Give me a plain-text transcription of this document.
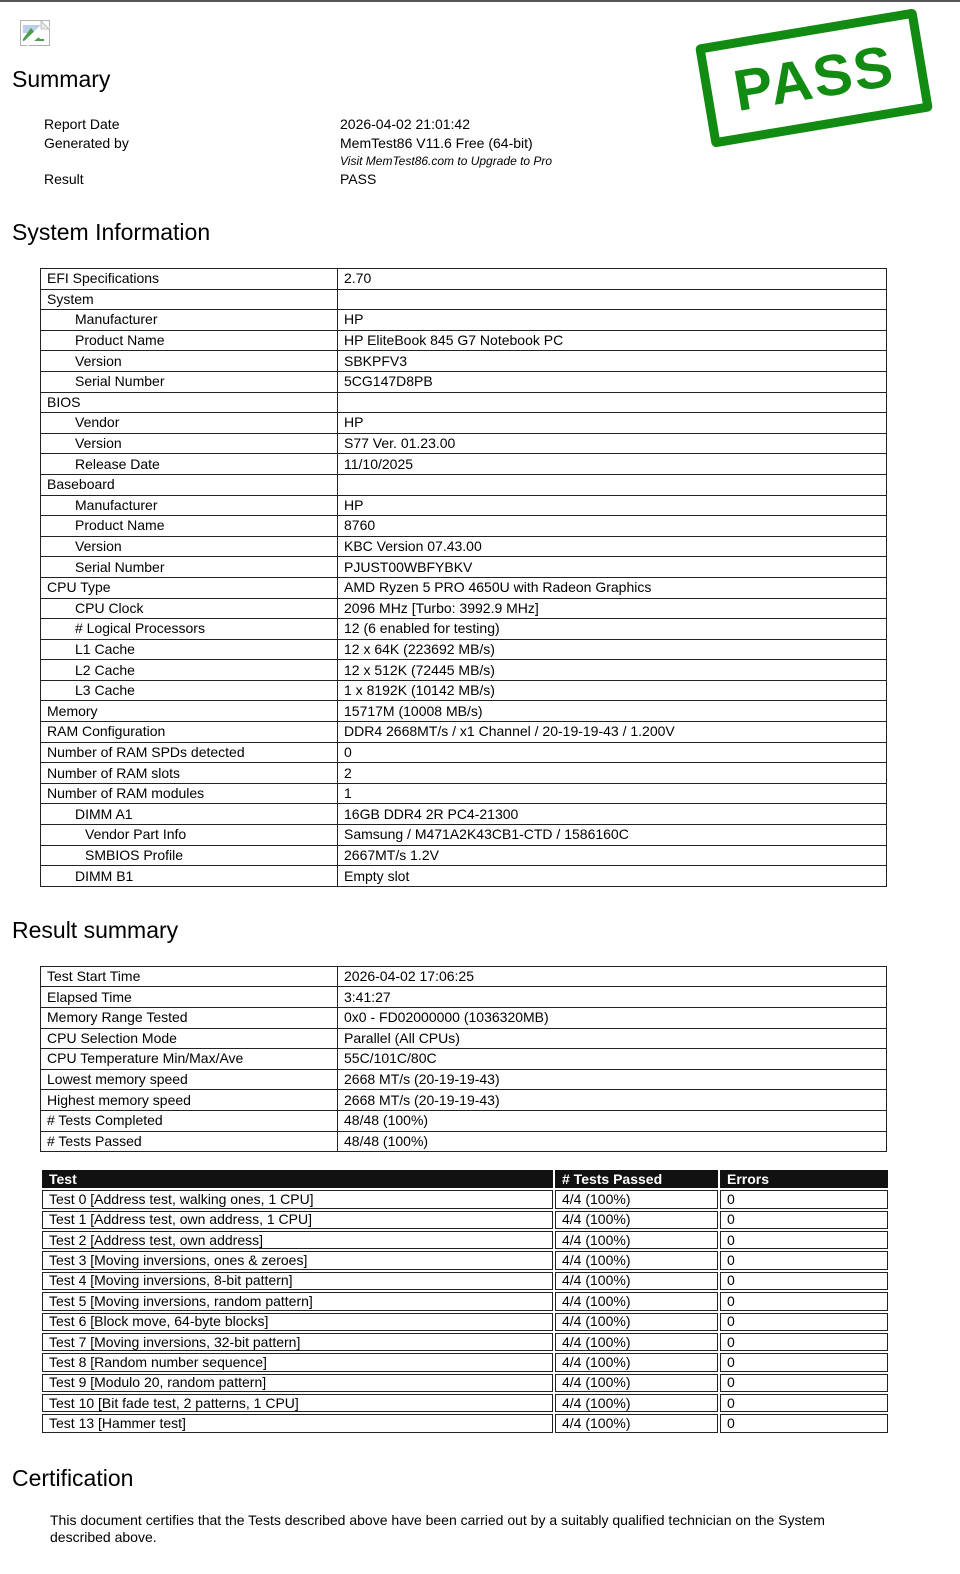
PASS
Summary
Report Date	2026-04-02 21:01:42
Generated by	MemTest86 V11.6 Free (64-bit)
Visit MemTest86.com to Upgrade to Pro
Result	PASS
System Information
EFI Specifications	2.70
System	
Manufacturer	HP
Product Name	HP EliteBook 845 G7 Notebook PC
Version	SBKPFV3
Serial Number	5CG147D8PB
BIOS	
Vendor	HP
Version	S77 Ver. 01.23.00
Release Date	11/10/2025
Baseboard	
Manufacturer	HP
Product Name	8760
Version	KBC Version 07.43.00
Serial Number	PJUST00WBFYBKV
CPU Type	AMD Ryzen 5 PRO 4650U with Radeon Graphics
CPU Clock	2096 MHz [Turbo: 3992.9 MHz]
# Logical Processors	12 (6 enabled for testing)
L1 Cache	12 x 64K (223692 MB/s)
L2 Cache	12 x 512K (72445 MB/s)
L3 Cache	1 x 8192K (10142 MB/s)
Memory	15717M (10008 MB/s)
RAM Configuration	DDR4 2668MT/s / x1 Channel / 20-19-19-43 / 1.200V
Number of RAM SPDs detected	0
Number of RAM slots	2
Number of RAM modules	1
DIMM A1	16GB DDR4 2R PC4-21300
Vendor Part Info	Samsung / M471A2K43CB1-CTD / 1586160C
SMBIOS Profile	2667MT/s 1.2V
DIMM B1	Empty slot
Result summary
Test Start Time	2026-04-02 17:06:25
Elapsed Time	3:41:27
Memory Range Tested	0x0 - FD02000000 (1036320MB)
CPU Selection Mode	Parallel (All CPUs)
CPU Temperature Min/Max/Ave	55C/101C/80C
Lowest memory speed	2668 MT/s (20-19-19-43)
Highest memory speed	2668 MT/s (20-19-19-43)
# Tests Completed	48/48 (100%)
# Tests Passed	48/48 (100%)
Test	# Tests Passed	Errors
Test 0 [Address test, walking ones, 1 CPU]	4/4 (100%)	0
Test 1 [Address test, own address, 1 CPU]	4/4 (100%)	0
Test 2 [Address test, own address]	4/4 (100%)	0
Test 3 [Moving inversions, ones & zeroes]	4/4 (100%)	0
Test 4 [Moving inversions, 8-bit pattern]	4/4 (100%)	0
Test 5 [Moving inversions, random pattern]	4/4 (100%)	0
Test 6 [Block move, 64-byte blocks]	4/4 (100%)	0
Test 7 [Moving inversions, 32-bit pattern]	4/4 (100%)	0
Test 8 [Random number sequence]	4/4 (100%)	0
Test 9 [Modulo 20, random pattern]	4/4 (100%)	0
Test 10 [Bit fade test, 2 patterns, 1 CPU]	4/4 (100%)	0
Test 13 [Hammer test]	4/4 (100%)	0
Certification

This document certifies that the Tests described above have been carried out by a suitably qualified technician on the System described above.
